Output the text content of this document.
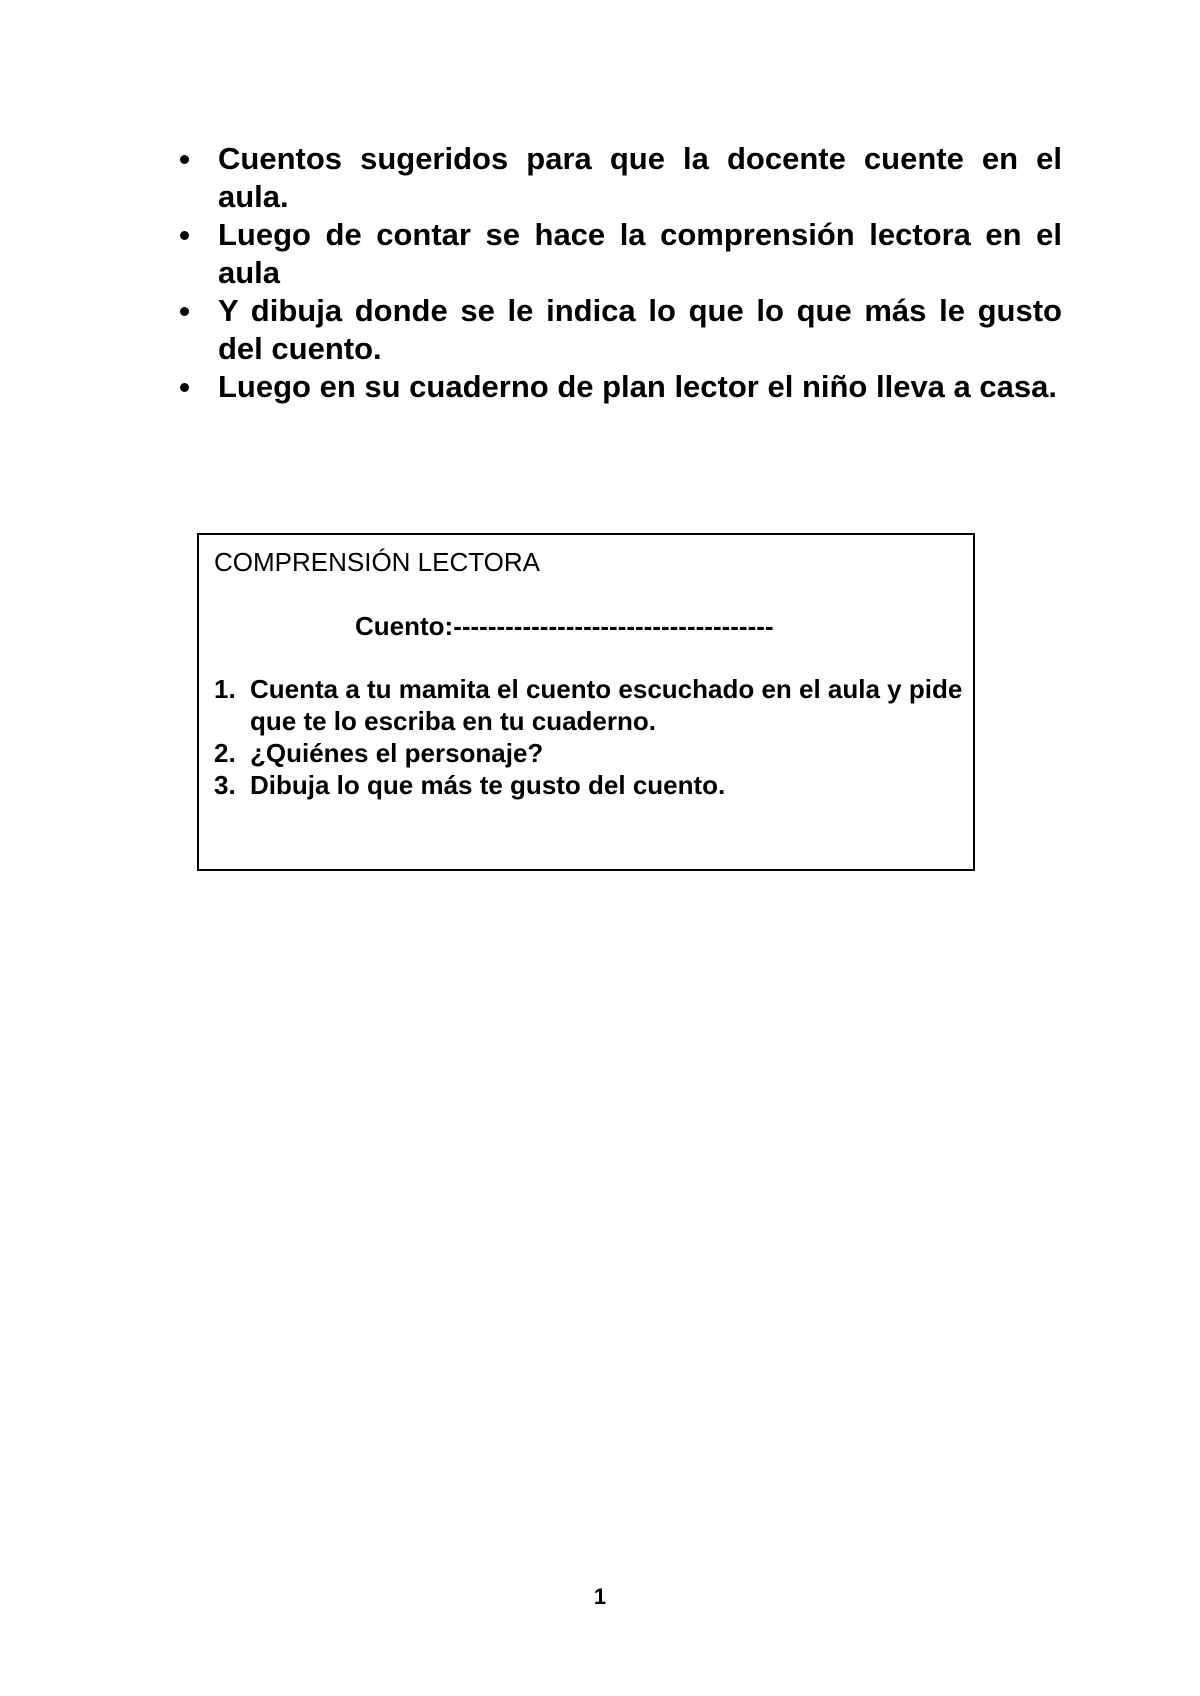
Cuentos sugeridos para que la docente cuente en el aula.
Luego de contar se hace la comprensión lectora en el aula
Y dibuja donde se le indica lo que lo que más le gusto del cuento.
Luego en su cuaderno de plan lector el niño lleva a casa.
COMPRENSIÓN LECTORA
Cuento:-------------------------------------
1. Cuenta a tu mamita el cuento escuchado en el aula y pide que te lo escriba en tu cuaderno.
2. ¿Quiénes el personaje?
3. Dibuja lo que más te gusto del cuento.
1
